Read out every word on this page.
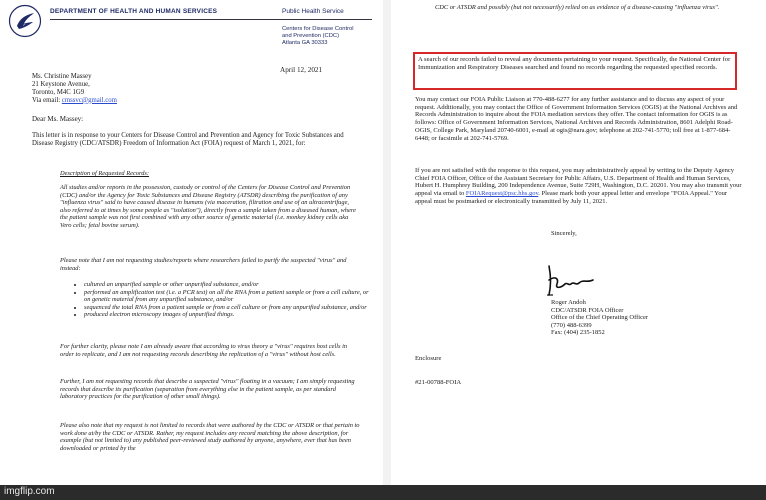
DEPARTMENT OF HEALTH AND HUMAN SERVICES	Public Health Service
Centers for Disease Control
and Prevention (CDC)
Atlanta GA 30333
April 12, 2021
Ms. Christine Massey
21 Keystone Avenue,
Toronto, M4C 1G9
Via email: cmssvc@gmail.com
Dear Ms. Massey:

This letter is in response to your Centers for Disease Control and Prevention and Agency for Toxic Substances and Disease Registry (CDC/ATSDR) Freedom of Information Act (FOIA) request of March 1, 2021, for:

Description of Requested Records:

All studies and/or reports in the possession, custody or control of the Centers for Disease Control and Prevention (CDC) and/or the Agency for Toxic Substances and Disease Registry (ATSDR) describing the purification of any "influenza virus" said to have caused disease in humans (via maceration, filtration and use of an ultracentrifuge, also referred to at times by some people as "isolation"), directly from a sample taken from a diseased human, where the patient sample was not first combined with any other source of genetic material (i.e. monkey kidney cells aka Vero cells; fetal bovine serum).

Please note that I am not requesting studies/reports where researchers failed to purify the suspected "virus" and instead:

• cultured an unpurified sample or other unpurified substance, and/or
• performed an amplification test (i.e. a PCR test) on all the RNA from a patient sample or from a cell culture, or on genetic material from any unpurified substance, and/or
• sequenced the total RNA from a patient sample or from a cell culture or from any unpurified substance, and/or
• produced electron microscopy images of unpurified things.

For further clarity, please note I am already aware that according to virus theory a "virus" requires host cells in order to replicate, and I am not requesting records describing the replication of a "virus" without host cells.

Further, I am not requesting records that describe a suspected "virus" floating in a vacuum; I am simply requesting records that describe its purification (separation from everything else in the patient sample, as per standard laboratory practices for the purification of other small things).

Please also note that my request is not limited to records that were authored by the CDC or ATSDR or that pertain to work done at/by the CDC or ATSDR. Rather, my request includes any record matching the above description, for example (but not limited to) any published peer-reviewed study authored by anyone, anywhere, ever that has been downloaded or printed by the

CDC or ATSDR and possibly (but not necessarily) relied on as evidence of a disease-causing "influenza virus".

A search of our records failed to reveal any documents pertaining to your request. Specifically, the National Center for Immunization and Respiratory Diseases searched and found no records regarding the requested specified records.

You may contact our FOIA Public Liaison at 770-488-6277 for any further assistance and to discuss any aspect of your request. Additionally, you may contact the Office of Government Information Services (OGIS) at the National Archives and Records Administration to inquire about the FOIA mediation services they offer. The contact information for OGIS is as follows: Office of Government Information Services, National Archives and Records Administration, 8601 Adelphi Road-OGIS, College Park, Maryland 20740-6001, e-mail at ogis@nara.gov; telephone at 202-741-5770; toll free at 1-877-684-6448; or facsimile at 202-741-5769.

If you are not satisfied with the response to this request, you may administratively appeal by writing to the Deputy Agency Chief FOIA Officer, Office of the Assistant Secretary for Public Affairs, U.S. Department of Health and Human Services, Hubert H. Humphrey Building, 200 Independence Avenue, Suite 729H, Washington, D.C. 20201. You may also transmit your appeal via email to FOIARequest@psc.hhs.gov. Please mark both your appeal letter and envelope "FOIA Appeal." Your appeal must be postmarked or electronically transmitted by July 11, 2021.

Sincerely,
Roger Andoh
CDC/ATSDR FOIA Officer
Office of the Chief Operating Officer
(770) 488-6399
Fax: (404) 235-1852
Enclosure
#21-00788-FOIA
imgflip.com
